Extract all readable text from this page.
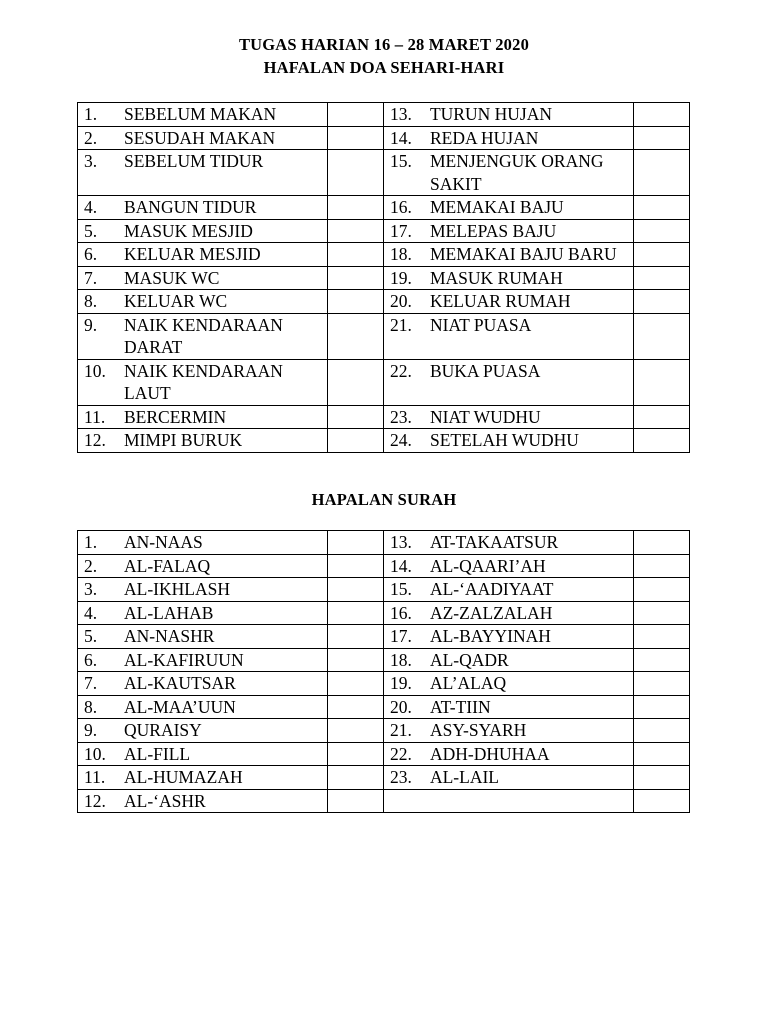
TUGAS HARIAN 16 – 28 MARET 2020
HAFALAN DOA SEHARI-HARI
1. SEBELUM MAKAN		13. TURUN HUJAN	

2. SESUDAH MAKAN		14. REDA HUJAN	

3. SEBELUM TIDUR		15. MENJENGUK ORANG SAKIT	

4. BANGUN TIDUR		16. MEMAKAI BAJU	

5. MASUK MESJID		17. MELEPAS BAJU	

6. KELUAR MESJID		18. MEMAKAI BAJU BARU	

7. MASUK WC		19. MASUK RUMAH	

8. KELUAR WC		20. KELUAR RUMAH	

9. NAIK KENDARAAN DARAT		21. NIAT PUASA	

10. NAIK KENDARAAN LAUT		22. BUKA PUASA	

11. BERCERMIN		23. NIAT WUDHU	

12. MIMPI BURUK		24. SETELAH WUDHU	

HAPALAN SURAH
1. AN-NAAS		13. AT-TAKAATSUR	

2. AL-FALAQ		14. AL-QAARI’AH	

3. AL-IKHLASH		15. AL-‘AADIYAAT	

4. AL-LAHAB		16. AZ-ZALZALAH	

5. AN-NASHR		17. AL-BAYYINAH	

6. AL-KAFIRUUN		18. AL-QADR	

7. AL-KAUTSAR		19. AL’ALAQ	

8. AL-MAA’UUN		20. AT-TIIN	

9. QURAISY		21. ASY-SYARH	

10. AL-FILL		22. ADH-DHUHAA	

11. AL-HUMAZAH		23. AL-LAIL	

12. AL-‘ASHR			
